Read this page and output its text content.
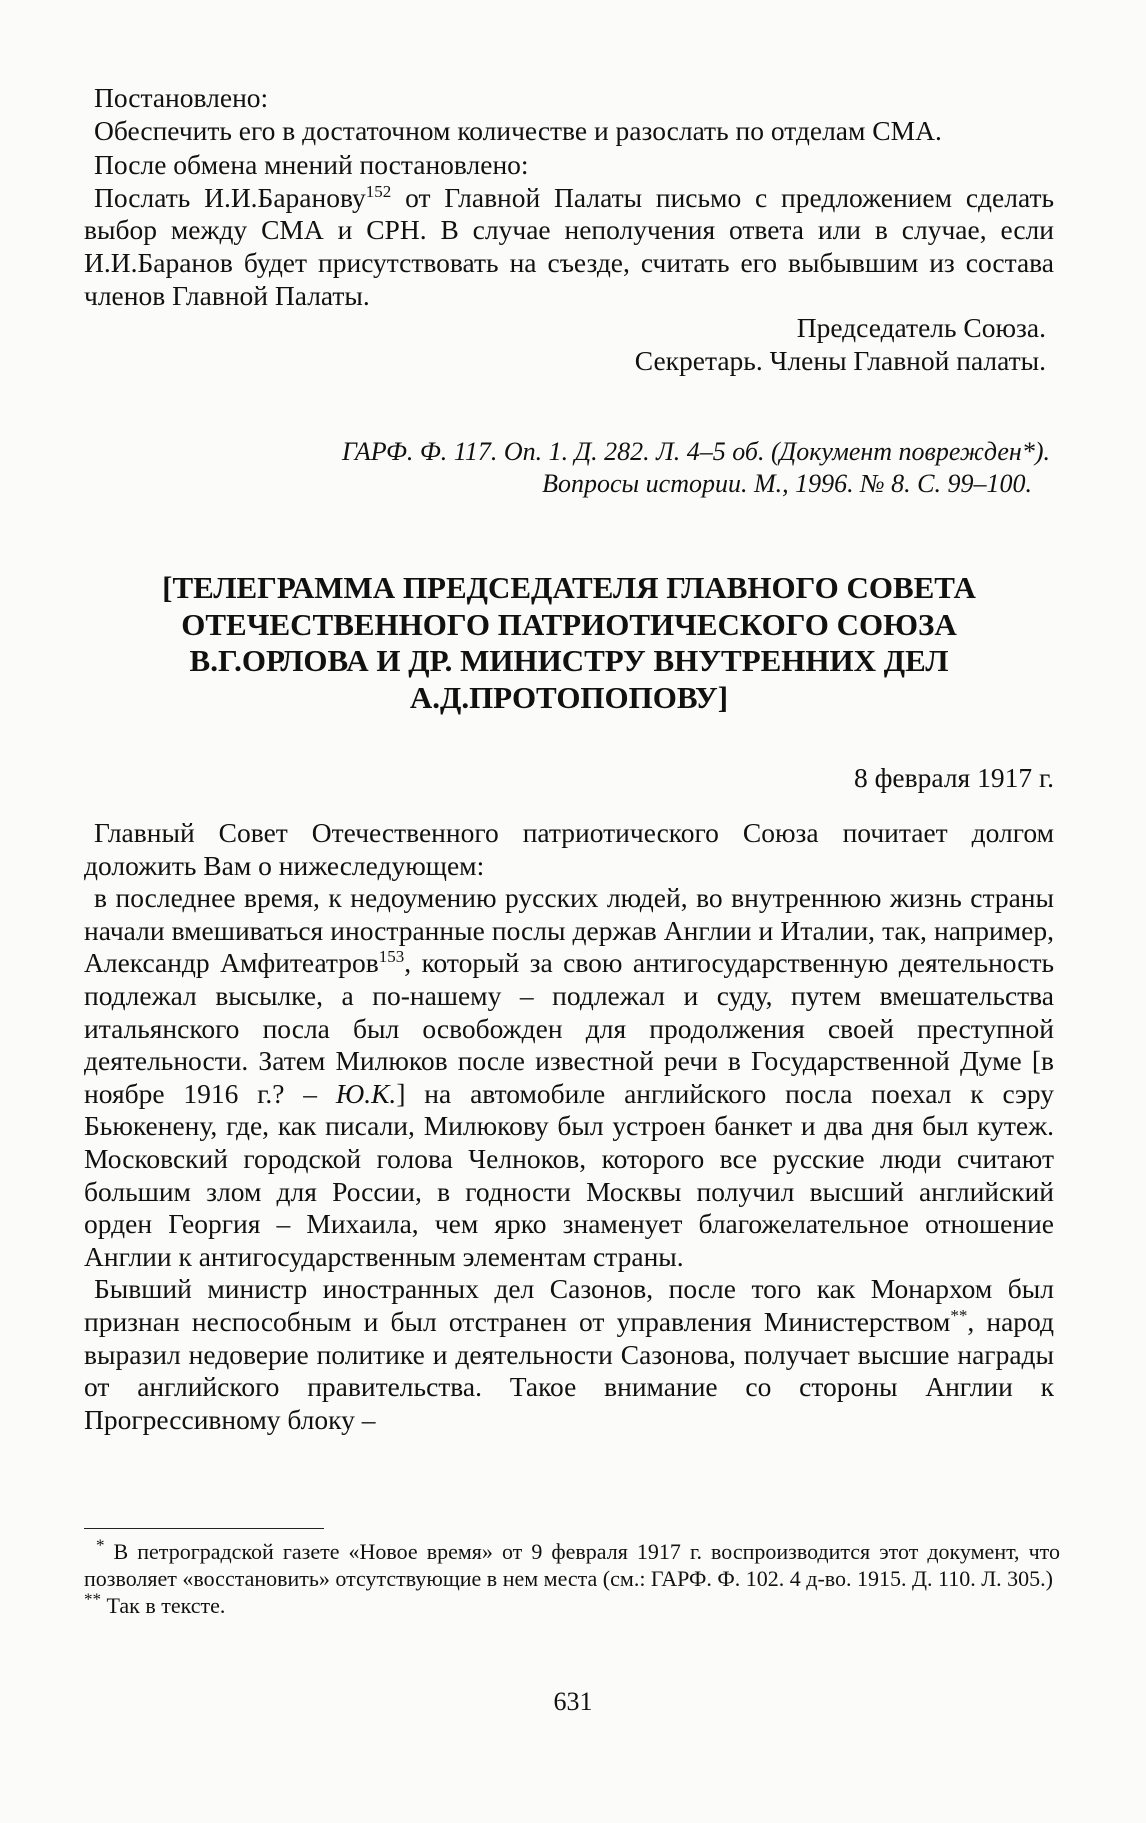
Постановлено:

Обеспечить его в достаточном количестве и разослать по отделам СМА.

После обмена мнений постановлено:

Послать И.И.Баранову$^{152}$ от Главной Палаты письмо с предложением сделать выбор между СМА и СРН. В случае неполучения ответа или в случае, если И.И.Баранов будет присутствовать на съезде, считать его выбывшим из состава членов Главной Палаты.

Председатель Союза.

Секретарь. Члены Главной палаты.

ГАРФ. Ф. 117. Оп. 1. Д. 282. Л. 4–5 об. (Документ поврежден*).
Вопросы истории. М., 1996. № 8. С. 99–100.
[ТЕЛЕГРАММА ПРЕДСЕДАТЕЛЯ ГЛАВНОГО СОВЕТА
ОТЕЧЕСТВЕННОГО ПАТРИОТИЧЕСКОГО СОЮЗА
В.Г.ОРЛОВА И ДР. МИНИСТРУ ВНУТРЕННИХ ДЕЛ
А.Д.ПРОТОПОПОВУ]
8 февраля 1917 г.

Главный Совет Отечественного патриотического Союза почитает долгом доложить Вам о нижеследующем:

в последнее время, к недоумению русских людей, во внутреннюю жизнь страны начали вмешиваться иностранные послы держав Англии и Италии, так, например, Александр Амфитеатров$^{153}$, который за свою антигосударственную деятельность подлежал высылке, а по-нашему – подлежал и суду, путем вмешательства итальянского посла был освобожден для продолжения своей преступной деятельности. Затем Милюков после известной речи в Государственной Думе [в ноябре 1916 г.? – Ю.К.] на автомобиле английского посла поехал к сэру Бьюкенену, где, как писали, Милюкову был устроен банкет и два дня был кутеж. Московский городской голова Челноков, которого все русские люди считают большим злом для России, в годности Москвы получил высший английский орден Георгия – Михаила, чем ярко знаменует благожелательное отношение Англии к антигосударственным элементам страны.

Бывший министр иностранных дел Сазонов, после того как Монархом был признан неспособным и был отстранен от управления Министерством**, народ выразил недоверие политике и деятельности Сазонова, получает высшие награды от английского правительства. Такое внимание со стороны Англии к Прогрессивному блоку –

* В петроградской газете «Новое время» от 9 февраля 1917 г. воспроизводится этот документ, что позволяет «восстановить» отсутствующие в нем места (см.: ГАРФ. Ф. 102. 4 д-во. 1915. Д. 110. Л. 305.)

** Так в тексте.

631
